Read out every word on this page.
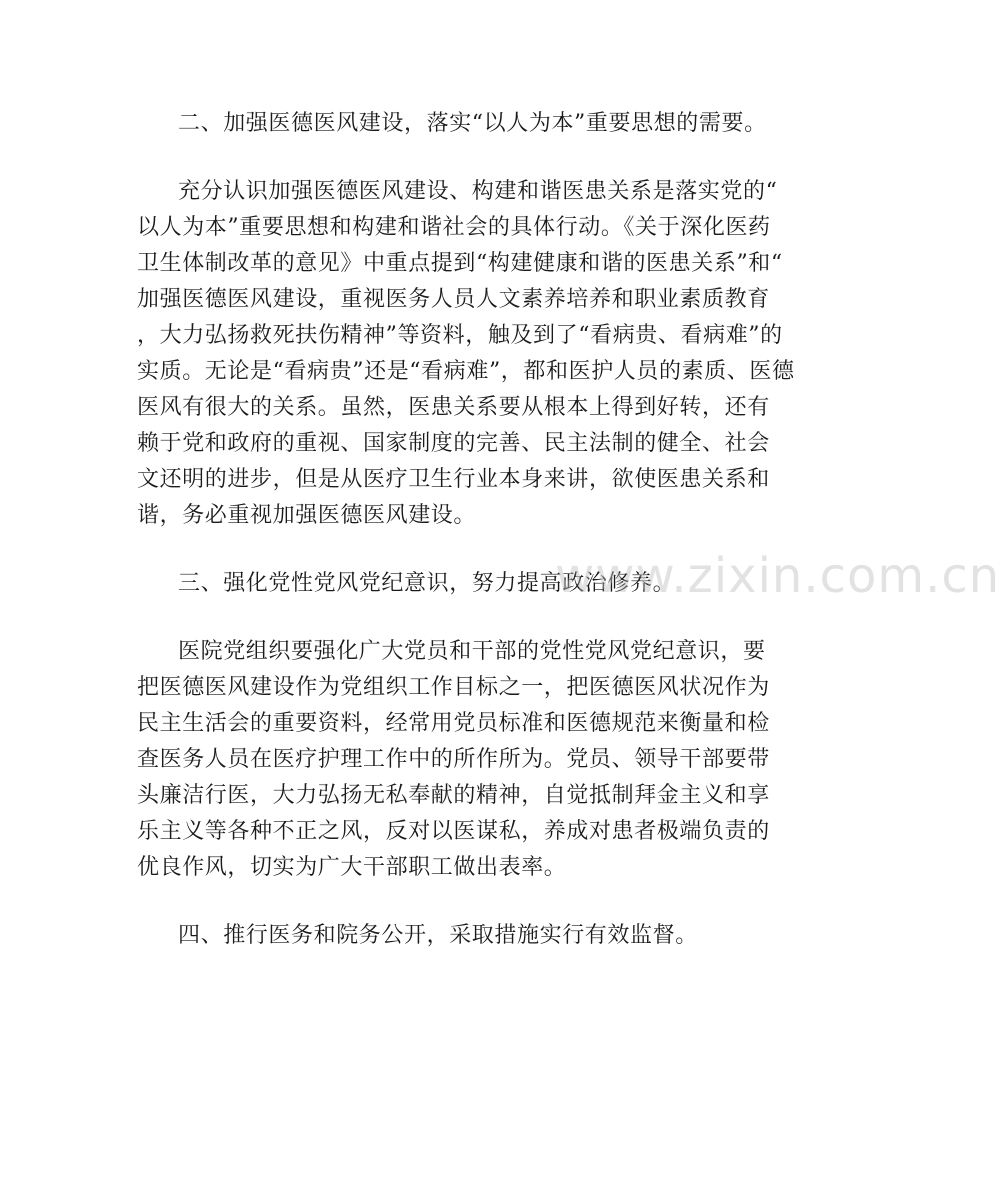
二、加强医德医风建设，落实“以人为本”重要思想的需要。
充分认识加强医德医风建设、构建和谐医患关系是落实党的“
以人为本”重要思想和构建和谐社会的具体行动。《关于深化医药
卫生体制改革的意见》中重点提到“构建健康和谐的医患关系”和“
加强医德医风建设，重视医务人员人文素养培养和职业素质教育
，大力弘扬救死扶伤精神”等资料，触及到了“看病贵、看病难”的
实质。无论是“看病贵”还是“看病难”，都和医护人员的素质、医德
医风有很大的关系。虽然，医患关系要从根本上得到好转，还有
赖于党和政府的重视、国家制度的完善、民主法制的健全、社会
文还明的进步，但是从医疗卫生行业本身来讲，欲使医患关系和
谐，务必重视加强医德医风建设。
三、强化党性党风党纪意识，努力提高政治修养。
医院党组织要强化广大党员和干部的党性党风党纪意识，要
把医德医风建设作为党组织工作目标之一，把医德医风状况作为
民主生活会的重要资料，经常用党员标准和医德规范来衡量和检
查医务人员在医疗护理工作中的所作所为。党员、领导干部要带
头廉洁行医，大力弘扬无私奉献的精神，自觉抵制拜金主义和享
乐主义等各种不正之风，反对以医谋私，养成对患者极端负责的
优良作风，切实为广大干部职工做出表率。
四、推行医务和院务公开，采取措施实行有效监督。
www.zixin.com.cn
